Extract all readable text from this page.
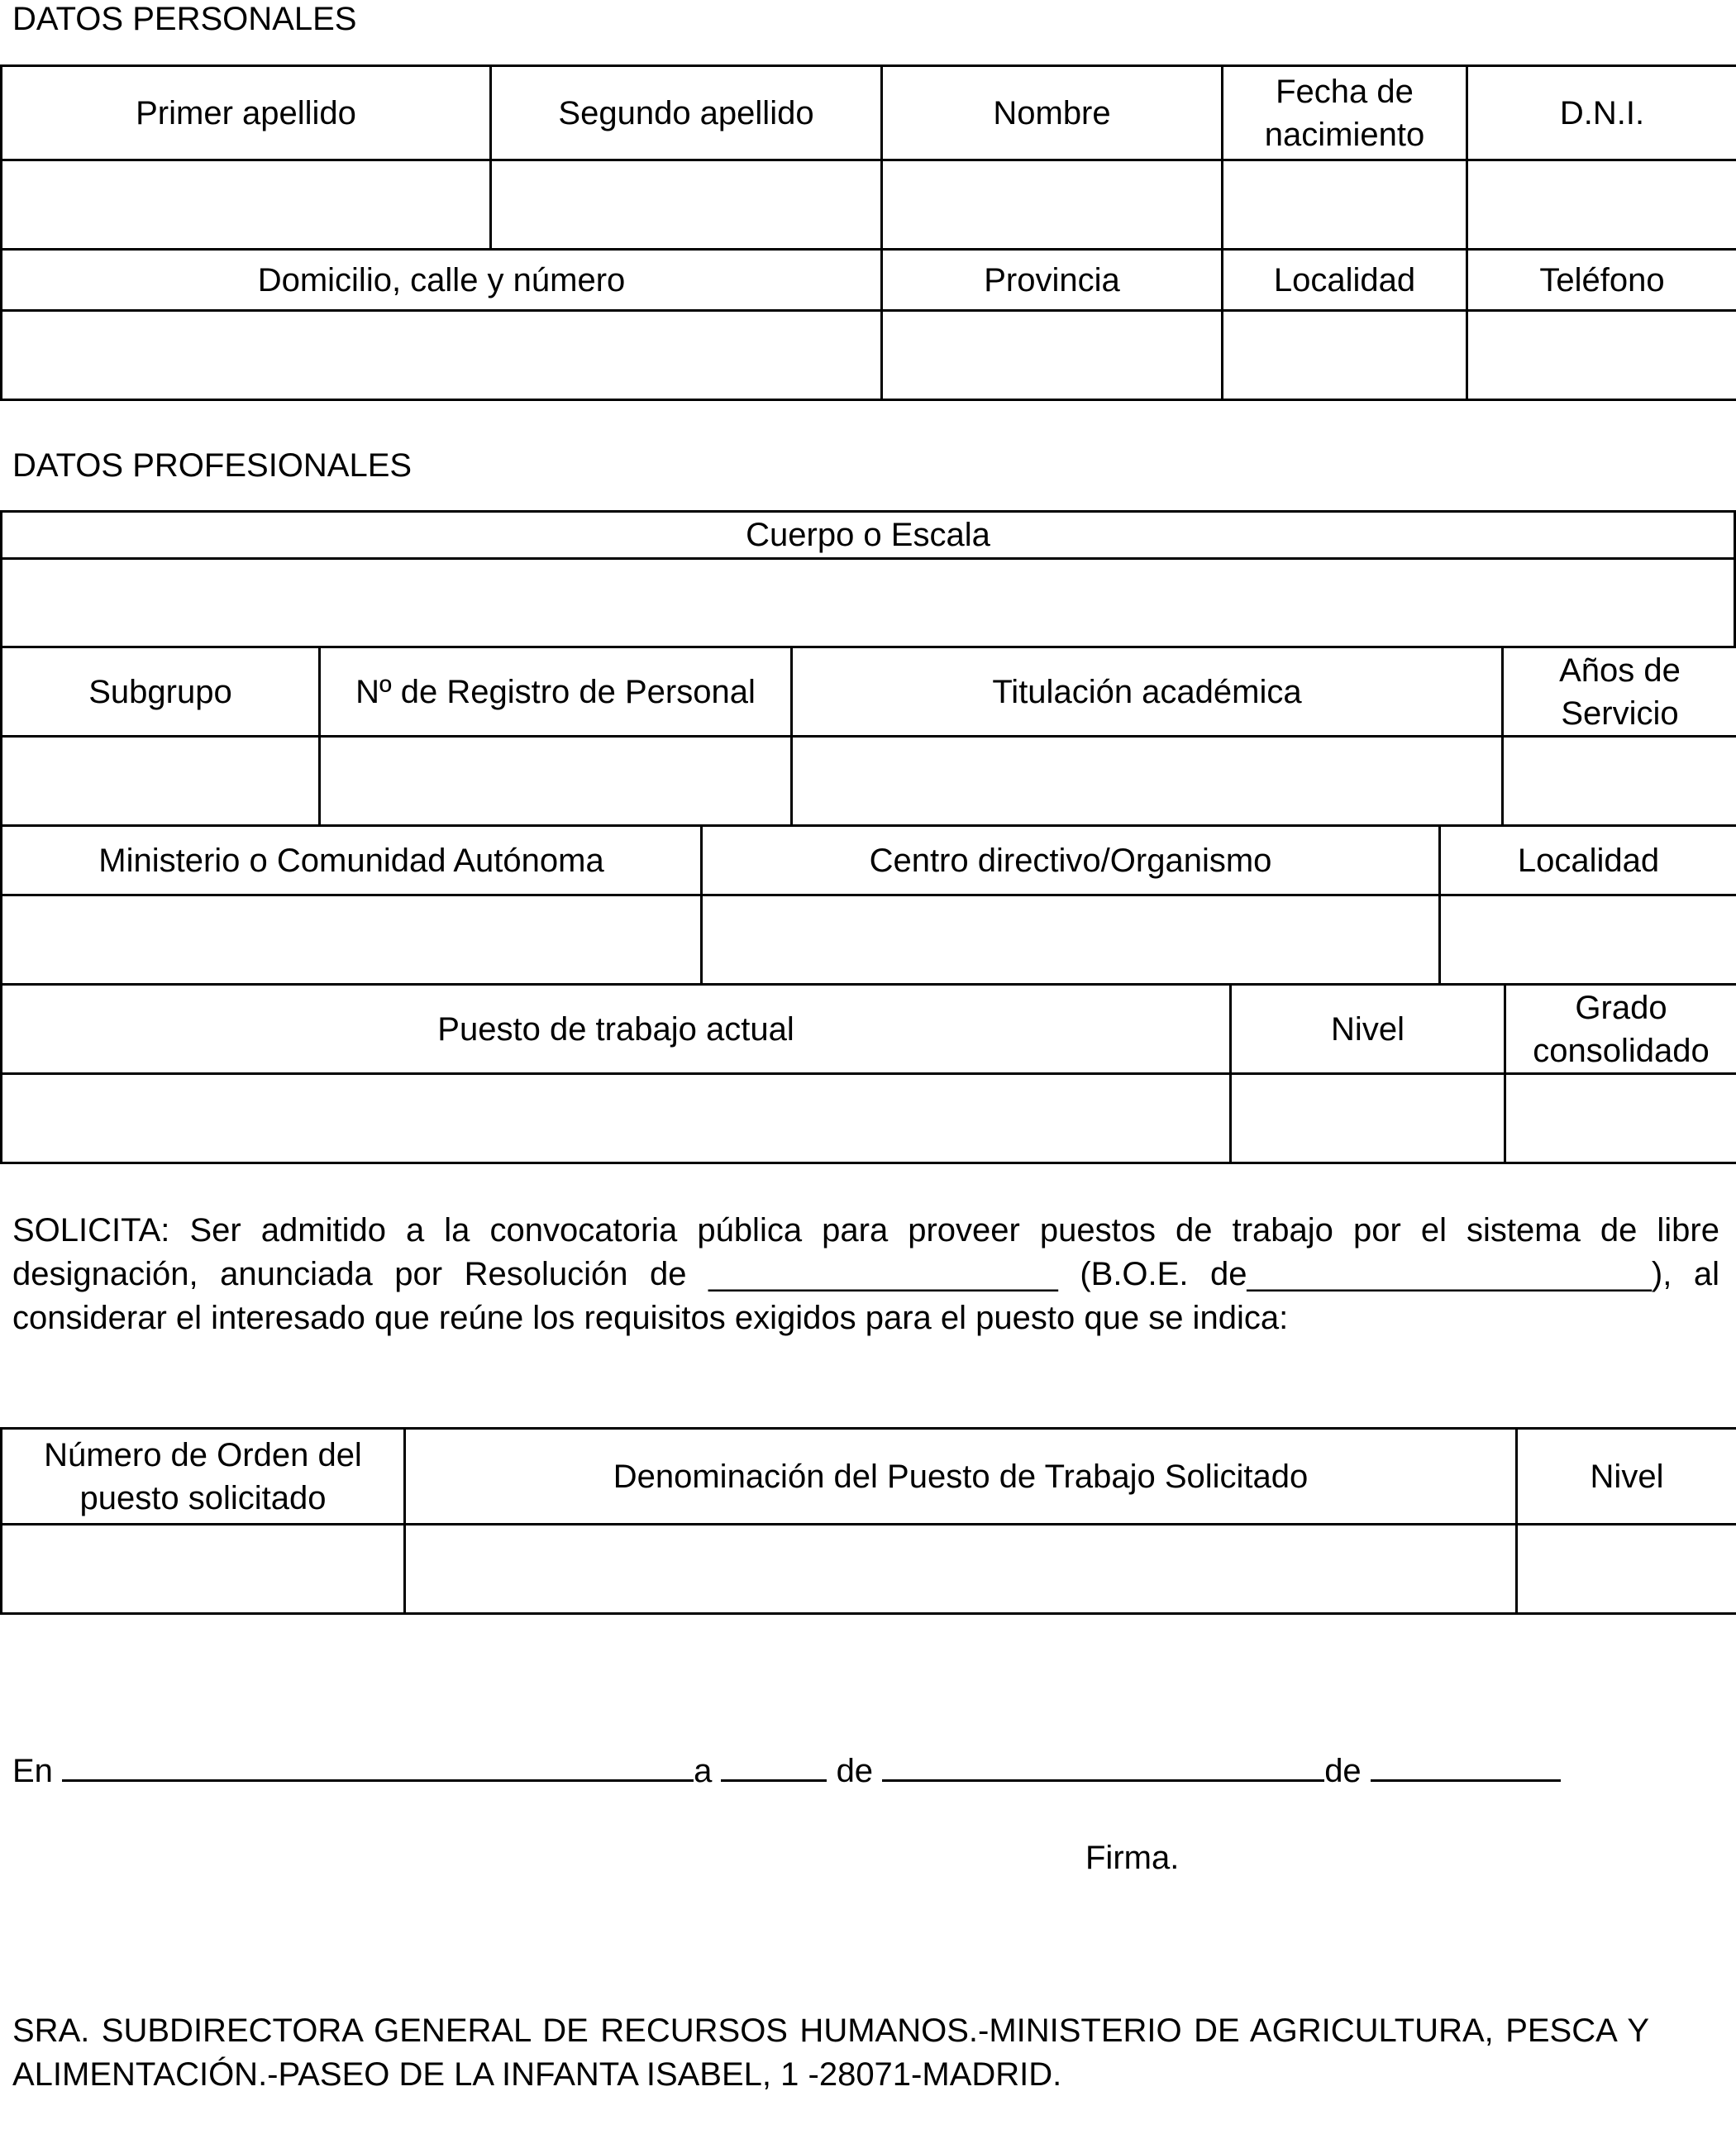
DATOS PERSONALES
Primer apellido	Segundo apellido	Nombre	Fecha de nacimiento	D.N.I.

Domicilio, calle y número		Provincia	Localidad	Teléfono

DATOS PROFESIONALES
Cuerpo o Escala

Subgrupo	Nº de Registro de Personal	Titulación académica	Años de Servicio

Ministerio o Comunidad Autónoma	Centro directivo/Organismo	Localidad

Puesto de trabajo actual	Nivel	Grado consolidado

SOLICITA: Ser admitido a la convocatoria pública para proveer puestos de trabajo por el sistema de libre designación, anunciada por Resolución de ___________________ (B.O.E. de______________________), al considerar el interesado que reúne los requisitos exigidos para el puesto que se indica:

Número de Orden del puesto solicitado	Denominación del Puesto de Trabajo Solicitado	Nivel

En	a	de	de
Firma.

SRA. SUBDIRECTORA GENERAL DE RECURSOS HUMANOS.-MINISTERIO DE AGRICULTURA, PESCA Y ALIMENTACIÓN.-PASEO DE LA INFANTA ISABEL, 1 -28071-MADRID.
